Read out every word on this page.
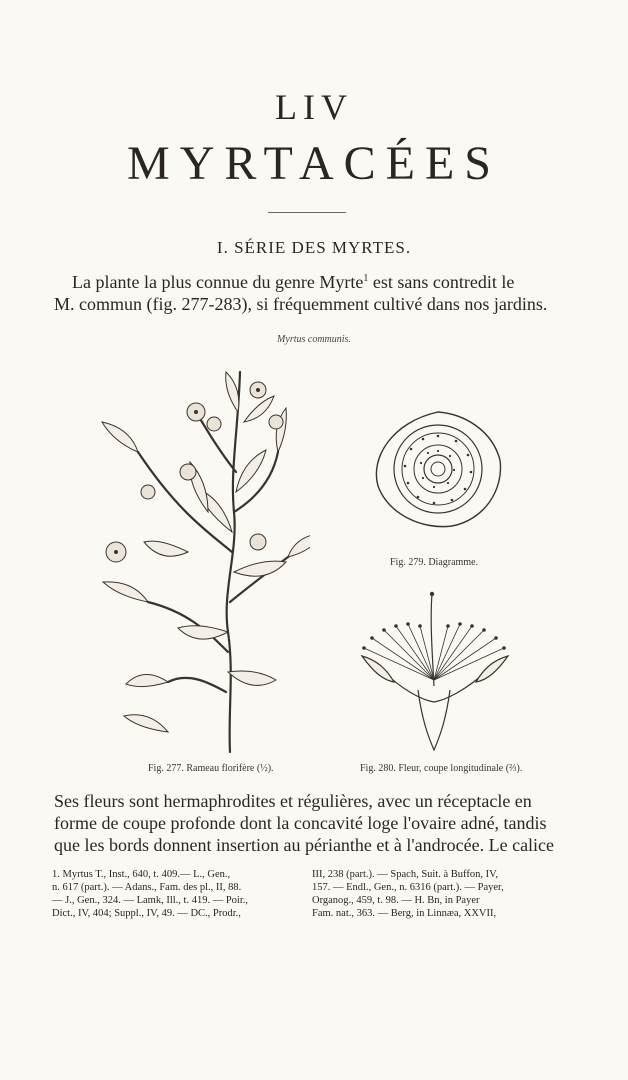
LIV
MYRTACÉES
I. SÉRIE DES MYRTES.
La plante la plus connue du genre Myrte$^1$ est sans contredit le
M. commun (fig. 277-283), si fréquemment cultivé dans nos jardins.
Myrtus communis.
Fig. 279. Diagramme.
Fig. 277. Rameau florifère (½).	Fig. 280. Fleur, coupe longitudinale (⅔).
Ses fleurs sont hermaphrodites et régulières, avec un réceptacle en
forme de coupe profonde dont la concavité loge l'ovaire adné, tandis
que les bords donnent insertion au périanthe et à l'androcée. Le calice
1. Myrtus T., Inst., 640, t. 409.— L., Gen.,
n. 617 (part.). — Adans., Fam. des pl., II, 88.
— J., Gen., 324. — Lamk, Ill., t. 419. — Poir.,
Dict., IV, 404; Suppl., IV, 49. — DC., Prodr.,
III, 238 (part.). — Spach, Suit. à Buffon, IV,
157. — Endl., Gen., n. 6316 (part.). — Payer,
Organog., 459, t. 98. — H. Bn, in Payer
Fam. nat., 363. — Berg, in Linnæa, XXVII,
